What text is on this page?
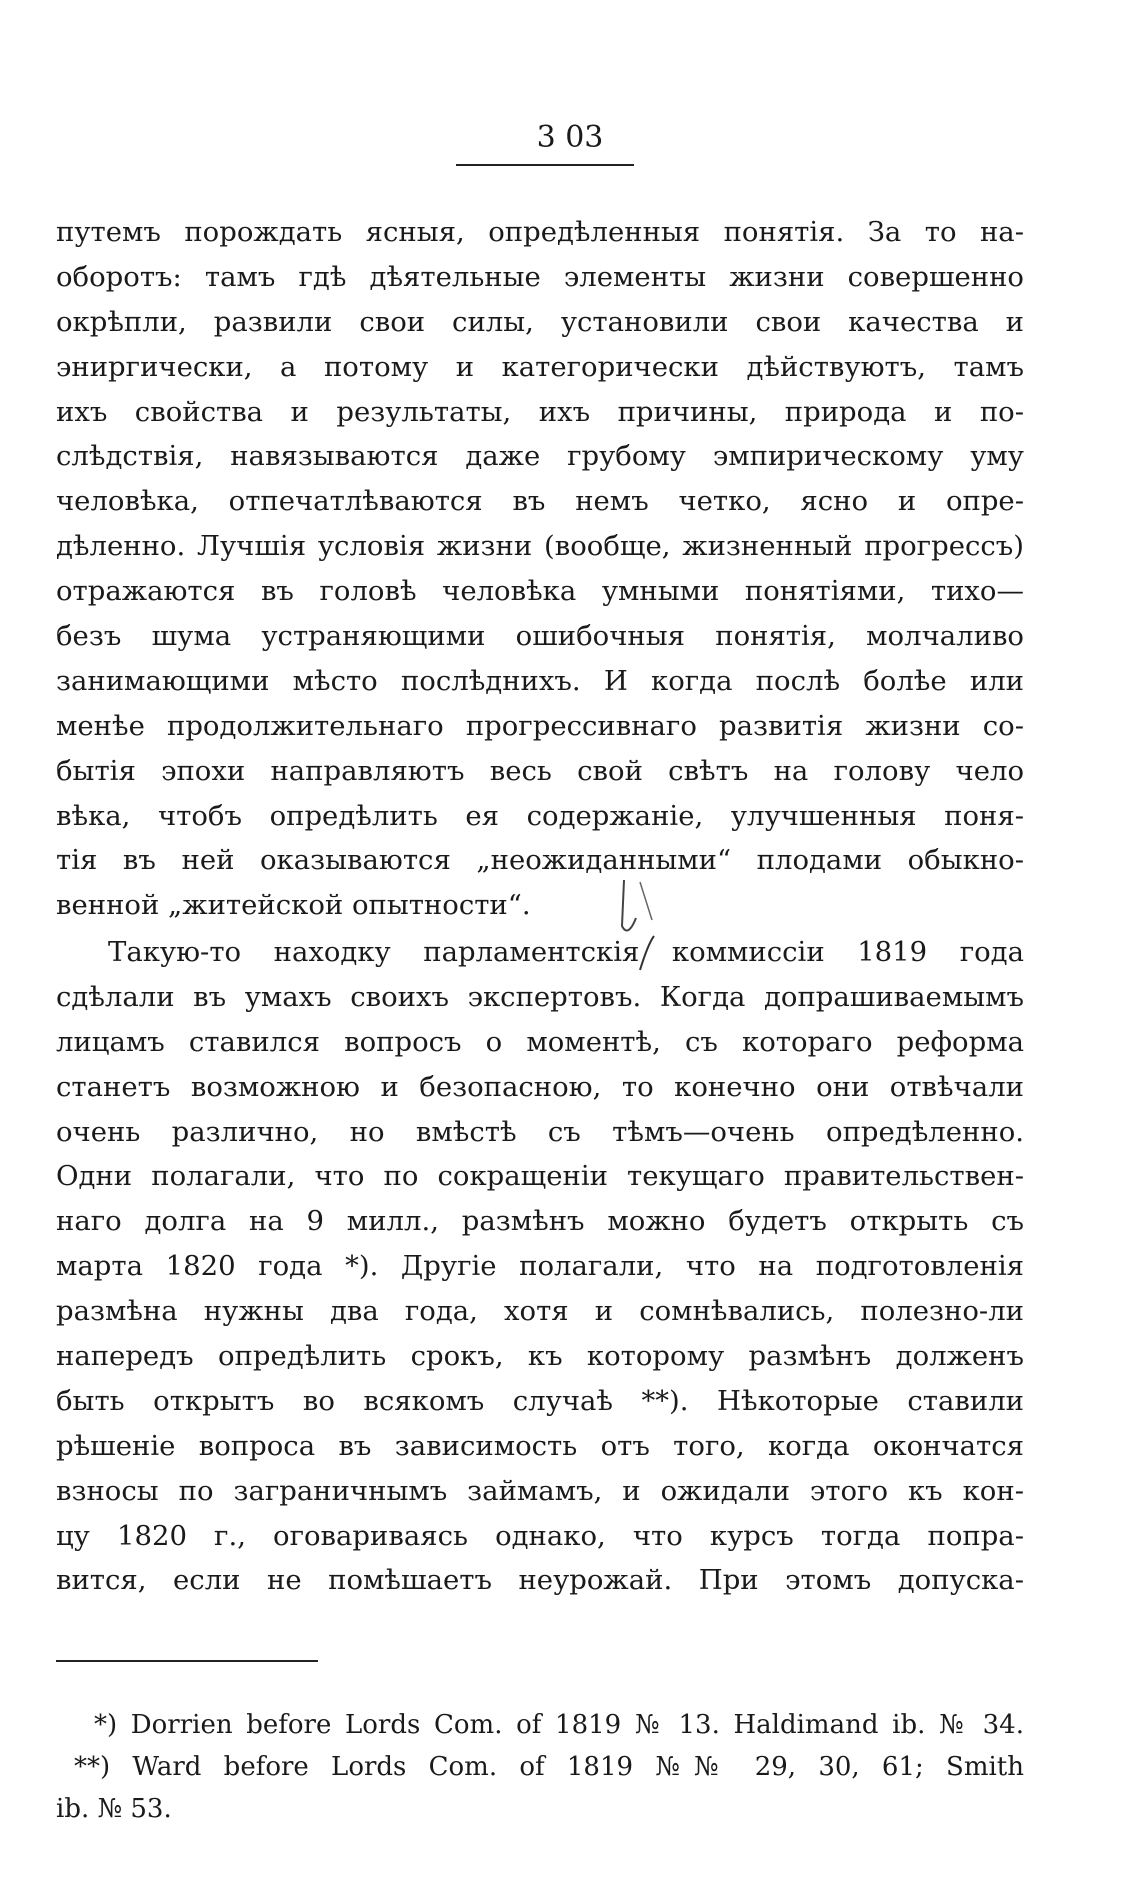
3 03
путемъ порождать ясныя, опредѣленныя понятія. За то на-
оборотъ: тамъ гдѣ дѣятельные элементы жизни совершенно
окрѣпли, развили свои силы, установили свои качества и
эниргически, а потому и категорически дѣйствуютъ, тамъ
ихъ свойства и результаты, ихъ причины, природа и по-
слѣдствія, навязываются даже грубому эмпирическому уму
человѣка, отпечатлѣваются въ немъ четко, ясно и опре-
дѣленно. Лучшія условія жизни (вообще, жизненный прогрессъ)
отражаются въ головѣ человѣка умными понятіями, тихо—
безъ шума устраняющими ошибочныя понятія, молчаливо
занимающими мѣсто послѣднихъ. И когда послѣ болѣе или
менѣе продолжительнаго прогрессивнаго развитія жизни со-
бытія эпохи направляютъ весь свой свѣтъ на голову чело
вѣка, чтобъ опредѣлить ея содержаніе, улучшенныя поня-
тія въ ней оказываются „неожиданными“ плодами обыкно-
венной „житейской опытности“.
Такую-то находку парламентскія коммиссіи 1819 года
сдѣлали въ умахъ своихъ экспертовъ. Когда допрашиваемымъ
лицамъ ставился вопросъ о моментѣ, съ котораго реформа
станетъ возможною и безопасною, то конечно они отвѣчали
очень различно, но вмѣстѣ съ тѣмъ—очень опредѣленно.
Одни полагали, что по сокращеніи текущаго правительствен-
наго долга на 9 милл., размѣнъ можно будетъ открыть съ
марта 1820 года *). Другіе полагали, что на подготовленія
размѣна нужны два года, хотя и сомнѣвались, полезно-ли
напередъ опредѣлить срокъ, къ которому размѣнъ долженъ
быть открытъ во всякомъ случаѣ **). Нѣкоторые ставили
рѣшеніе вопроса въ зависимость отъ того, когда окончатся
взносы по заграничнымъ займамъ, и ожидали этого къ кон-
цу 1820 г., оговариваясь однако, что курсъ тогда попра-
вится, если не помѣшаетъ неурожай. При этомъ допуска-
*) Dorrien before Lords Com. of 1819 № 13. Haldimand ib. № 34.
**) Ward before Lords Com. of 1819 №№ 29, 30, 61; Smith
ib. № 53.
